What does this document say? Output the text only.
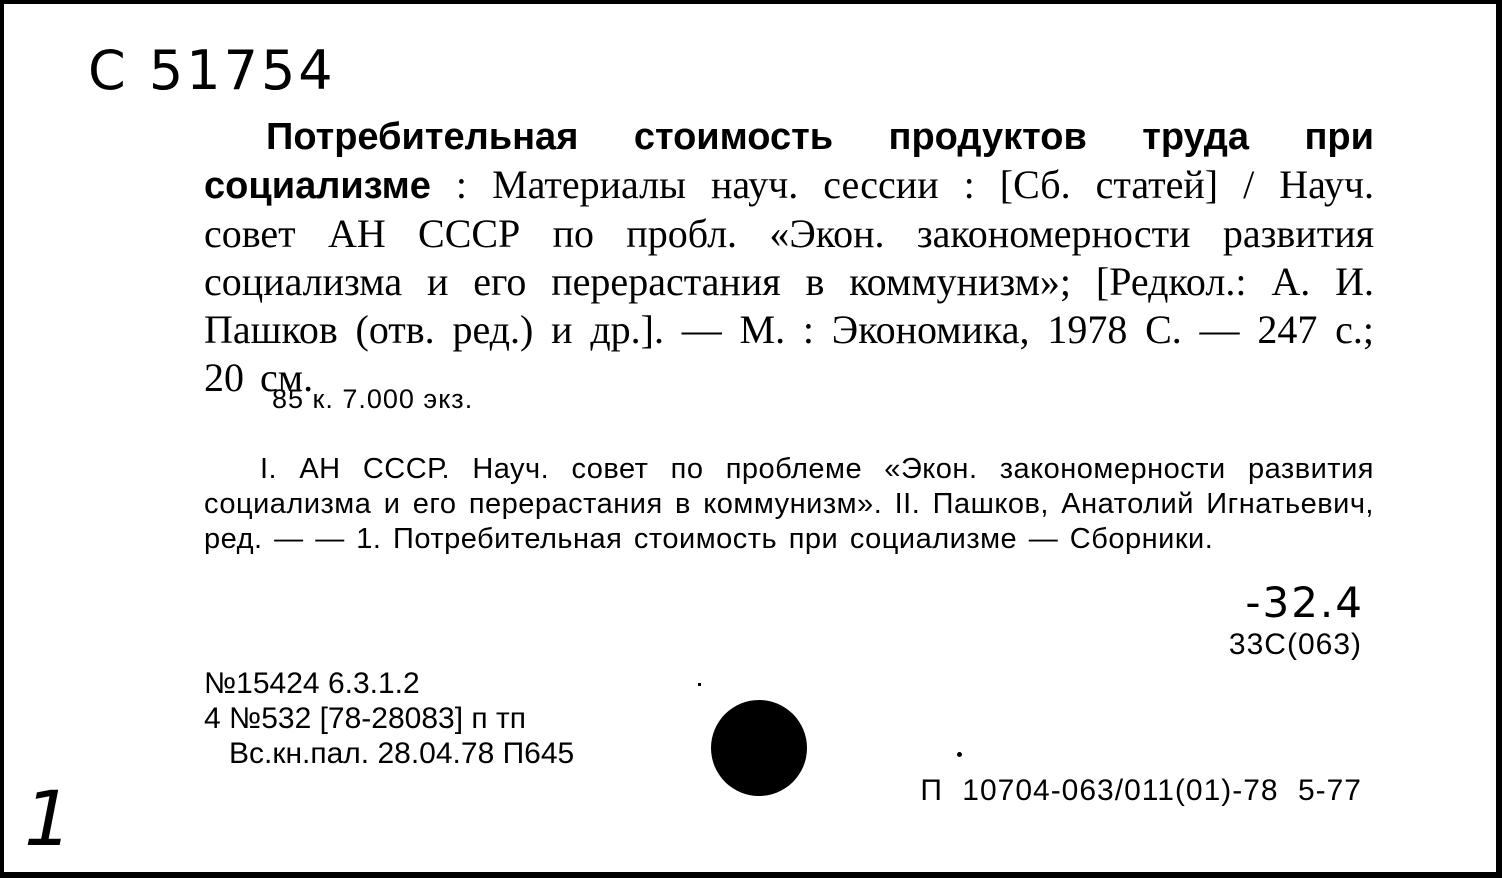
С 51754
Потребительная стоимость продуктов труда при социализме : Материалы науч. сессии : [Сб. статей] / Науч. совет АН СССР по пробл. «Экон. закономерности развития социализма и его перерастания в коммунизм»; [Редкол.: А. И. Пашков (отв. ред.) и др.]. — М. : Экономика, 1978 С. — 247 с.; 20 см.
85 к. 7.000 экз.
I. АН СССР. Науч. совет по проблеме «Экон. закономерности развития социализма и его перерастания в коммунизм». II. Пашков, Анатолий Игнатьевич, ред. — — 1. Потребительная стоимость при социализме — Сборники.
-32.4
33С(063)
№15424 6.3.1.2
4 №532 [78-28083] п тп
Вс.кн.пал. 28.04.78 П645
П 10704-063/011(01)-78 5-77
1
